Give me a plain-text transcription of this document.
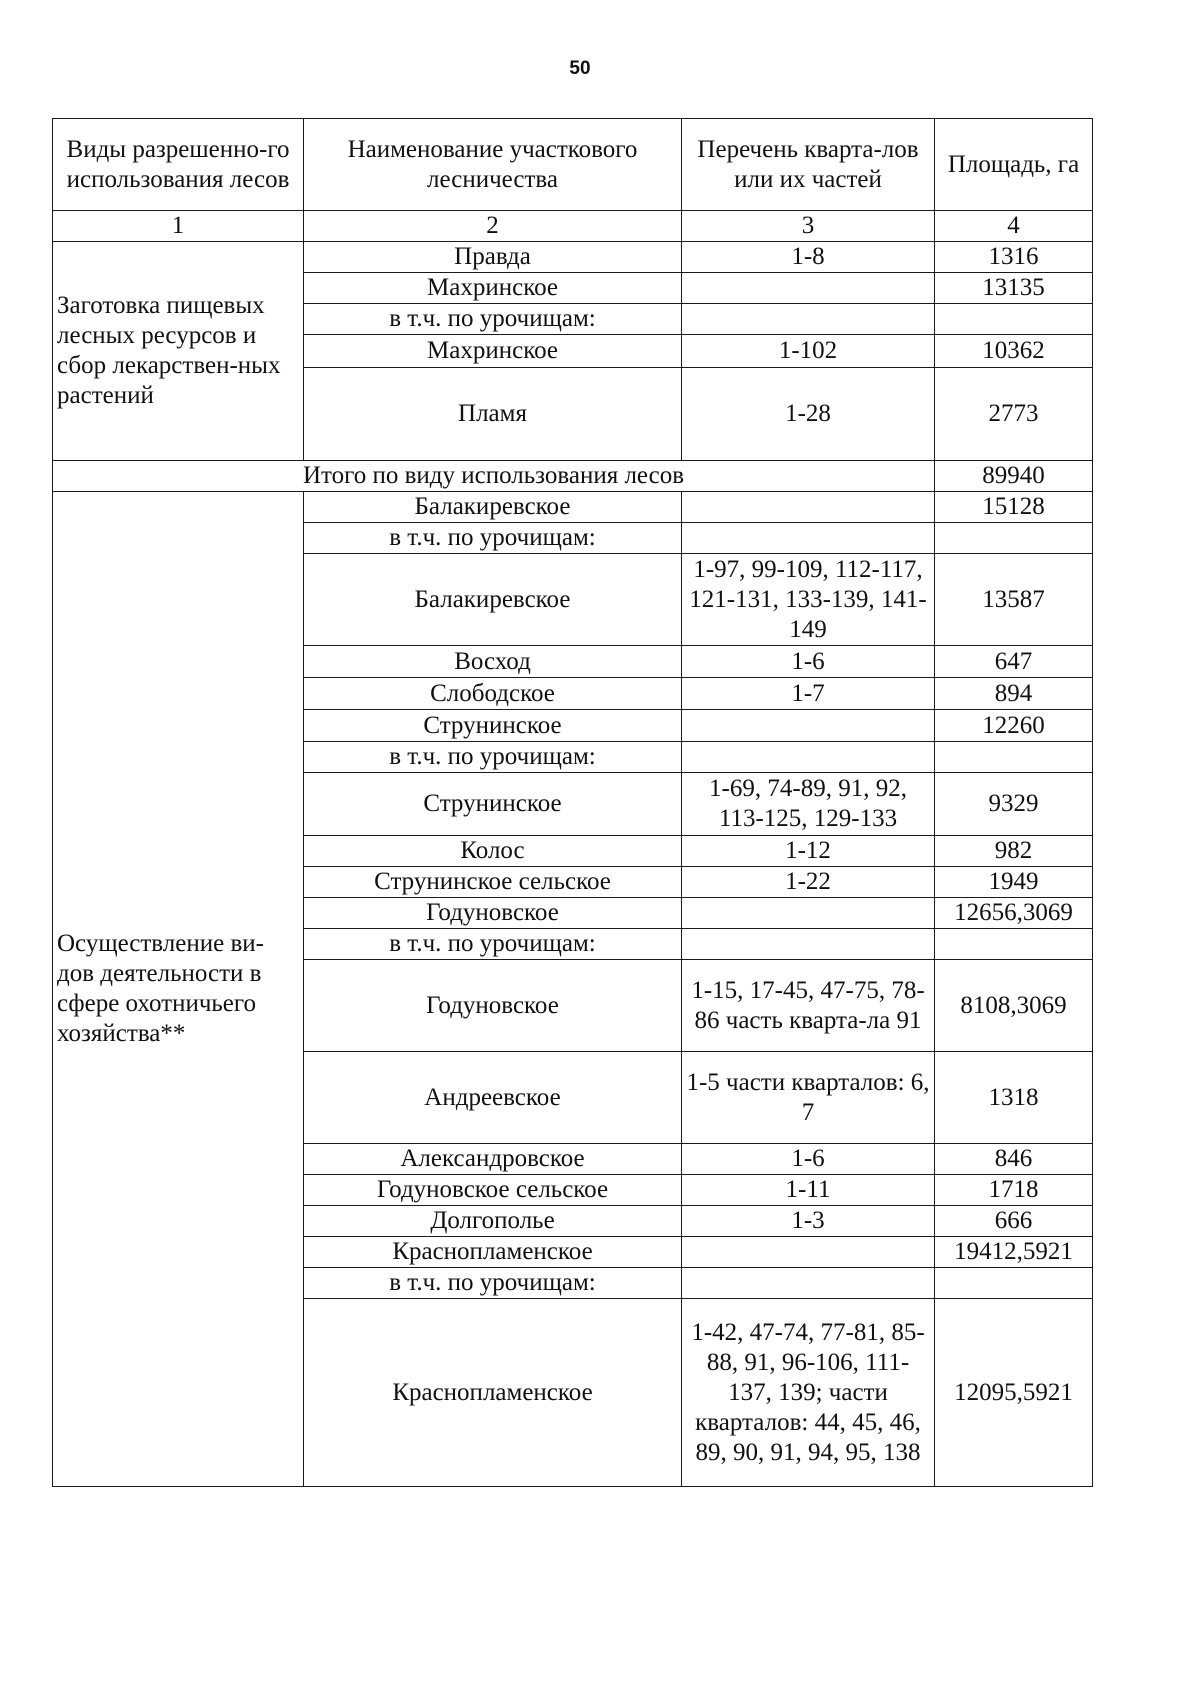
50
Виды разрешенно-го использования лесов	Наименование участкового лесничества	Перечень кварта-лов или их частей	Площадь, га
1	2	3	4
Заготовка пищевых лесных ресурсов и сбор лекарствен-ных растений	Правда	1-8	1316
	Махринское		13135
	в т.ч. по урочищам:		
	Махринское	1-102	10362
	Пламя	1-28	2773
Итого по виду использования лесов			89940
Осуществление ви-дов деятельности в сфере охотничьего хозяйства**	Балакиревское		15128
	в т.ч. по урочищам:		
	Балакиревское	1-97, 99-109, 112-117, 121-131, 133-139, 141-149	13587
	Восход	1-6	647
	Слободское	1-7	894
	Струнинское		12260
	в т.ч. по урочищам:		
	Струнинское	1-69, 74-89, 91, 92, 113-125, 129-133	9329
	Колос	1-12	982
	Струнинское сельское	1-22	1949
	Годуновское		12656,3069
	в т.ч. по урочищам:		
	Годуновское	1-15, 17-45, 47-75, 78-86 часть кварта-ла 91	8108,3069
	Андреевское	1-5 части кварталов: 6, 7	1318
	Александровское	1-6	846
	Годуновское сельское	1-11	1718
	Долгополье	1-3	666
	Краснопламенское		19412,5921
	в т.ч. по урочищам:		
	Краснопламенское	1-42, 47-74, 77-81, 85-88, 91, 96-106, 111-137, 139; части кварталов: 44, 45, 46, 89, 90, 91, 94, 95, 138	12095,5921
